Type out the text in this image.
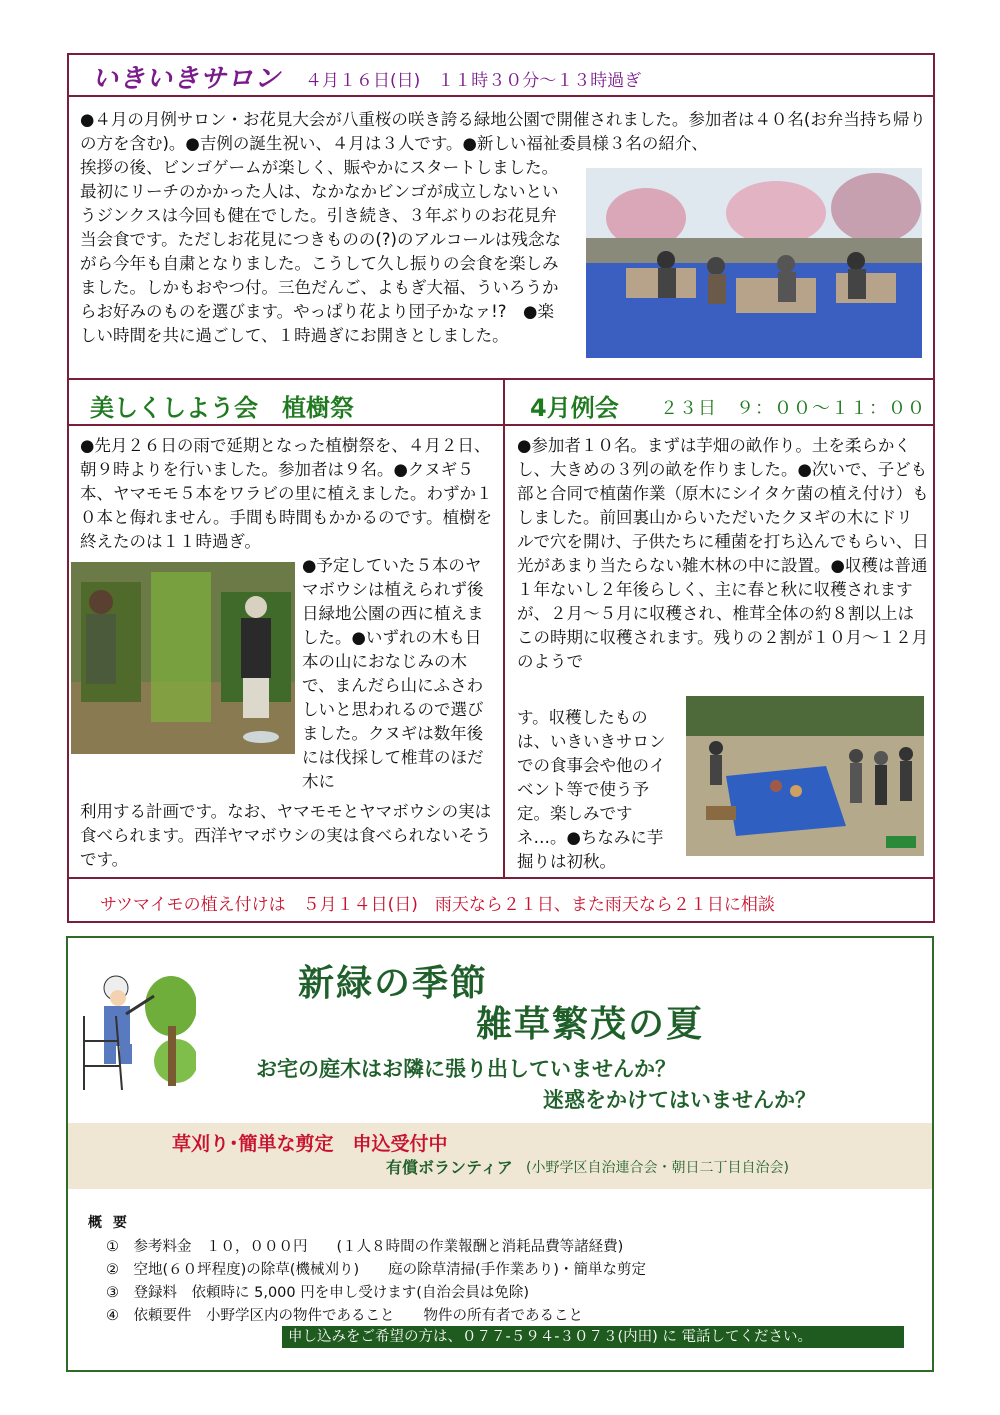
いきいきサロン ４月１６日(日)　１１時３０分～１３時過ぎ
●４月の月例サロン・お花見大会が八重桜の咲き誇る緑地公園で開催されました。参加者は４０名(お弁当持ち帰りの方を含む)。●吉例の誕生祝い、４月は３人です。●新しい福祉委員様３名の紹介、
挨拶の後、ビンゴゲームが楽しく、賑やかにスタートしました。最初にリーチのかかった人は、なかなかビンゴが成立しないというジンクスは今回も健在でした。引き続き、３年ぶりのお花見弁当会食です。ただしお花見につきものの(?)のアルコールは残念ながら今年も自粛となりました。こうして久し振りの会食を楽しみました。しかもおやつ付。三色だんご、よもぎ大福、ういろうからお好みのものを選びます。やっぱり花より団子かなァ!?　●楽しい時間を共に過ごして、１時過ぎにお開きとしました。
美しくしよう会　植樹祭	4月例会 ２３日　９：００～１１：００
●先月２６日の雨で延期となった植樹祭を、４月２日、朝９時よりを行いました。参加者は９名。●クヌギ５本、ヤマモモ５本をワラビの里に植えました。わずか１０本と侮れません。手間も時間もかかるのです。植樹を終えたのは１１時過ぎ。
●予定していた５本のヤマボウシは植えられず後日緑地公園の西に植えました。●いずれの木も日本の山におなじみの木で、まんだら山にふさわしいと思われるので選びました。クヌギは数年後には伐採して椎茸のほだ木に
利用する計画です。なお、ヤマモモとヤマボウシの実は食べられます。西洋ヤマボウシの実は食べられないそうです。
●参加者１０名。まずは芋畑の畝作り。土を柔らかくし、大きめの３列の畝を作りました。●次いで、子ども部と合同で植菌作業（原木にシイタケ菌の植え付け）もしました。前回裏山からいただいたクヌギの木にドリルで穴を開け、子供たちに種菌を打ち込んでもらい、日光があまり当たらない雑木林の中に設置。●収穫は普通１年ないし２年後らしく、主に春と秋に収穫されますが、２月～５月に収穫され、椎茸全体の約８割以上はこの時期に収穫されます。残りの２割が１０月～１２月のようで
す。収穫したものは、いきいきサロンでの食事会や他のイベント等で使う予定。楽しみですネ…。●ちなみに芋掘りは初秋。
サツマイモの植え付けは　５月１４日(日)　雨天なら２１日、また雨天なら２１日に相談
新緑の季節
雑草繁茂の夏
お宅の庭木はお隣に張り出していませんか？
迷惑をかけてはいませんか？
草刈り･簡単な剪定　申込受付中
有償ボランティア (小野学区自治連合会・朝日二丁目自治会)
概 要
①　参考料金　１０，０００円　　(１人８時間の作業報酬と消耗品費等諸経費)
②　空地(６０坪程度)の除草(機械刈り)　　庭の除草清掃(手作業あり)・簡単な剪定
③　登録料　依頼時に 5,000 円を申し受けます(自治会員は免除)
④　依頼要件　小野学区内の物件であること　　物件の所有者であること
申し込みをご希望の方は、０７７-５９４-３０７３(内田) に 電話してください。
